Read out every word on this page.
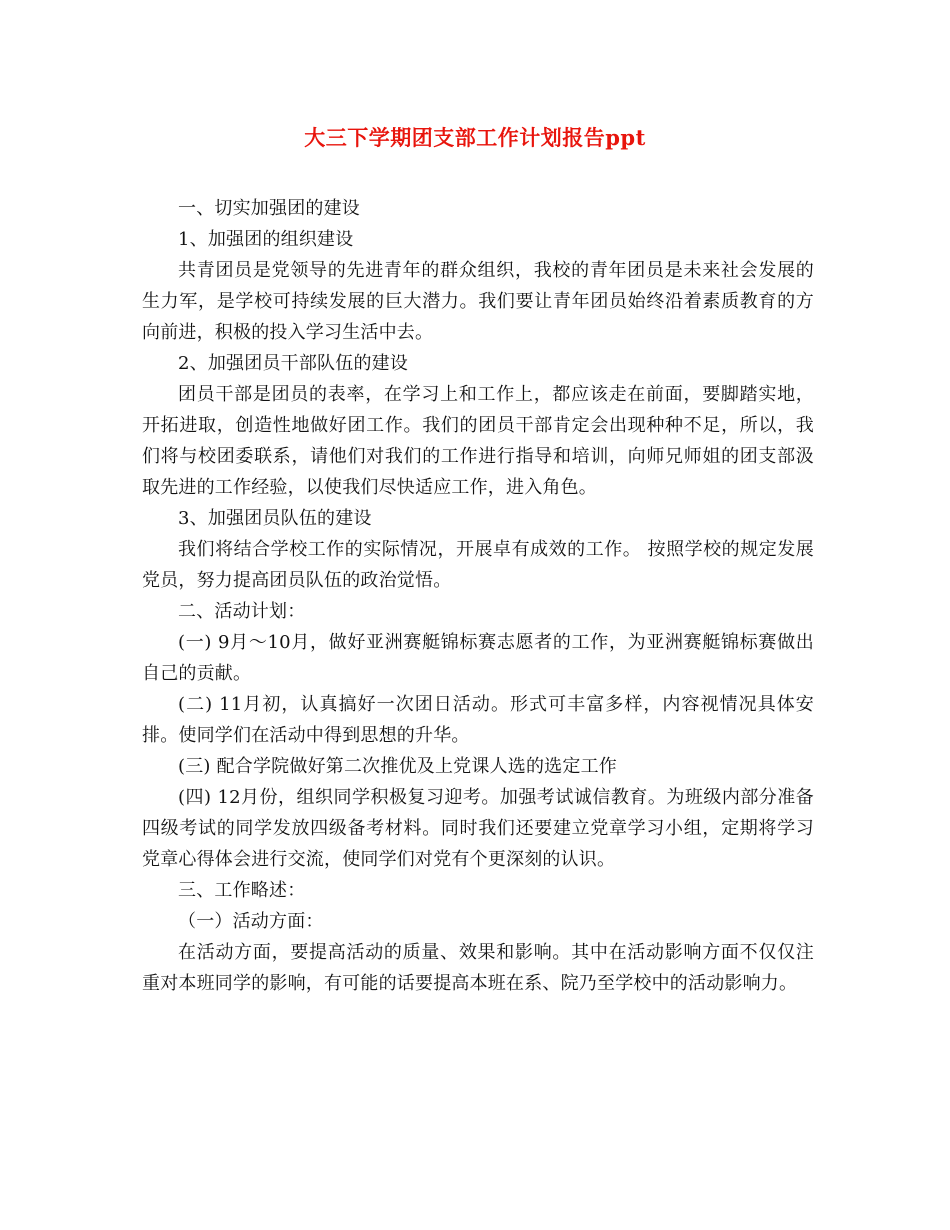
大三下学期团支部工作计划报告ppt

一、切实加强团的建设

1、加强团的组织建设

共青团员是党领导的先进青年的群众组织，我校的青年团员是未来社会发展的生力军，是学校可持续发展的巨大潜力。我们要让青年团员始终沿着素质教育的方向前进，积极的投入学习生活中去。

2、加强团员干部队伍的建设

团员干部是团员的表率，在学习上和工作上，都应该走在前面，要脚踏实地，开拓进取，创造性地做好团工作。我们的团员干部肯定会出现种种不足，所以，我们将与校团委联系，请他们对我们的工作进行指导和培训，向师兄师姐的团支部汲取先进的工作经验，以使我们尽快适应工作，进入角色。

3、加强团员队伍的建设

我们将结合学校工作的实际情况，开展卓有成效的工作。 按照学校的规定发展党员，努力提高团员队伍的政治觉悟。

二、活动计划：

(一) 9月～10月，做好亚洲赛艇锦标赛志愿者的工作，为亚洲赛艇锦标赛做出自己的贡献。

(二) 11月初，认真搞好一次团日活动。形式可丰富多样，内容视情况具体安排。使同学们在活动中得到思想的升华。

(三) 配合学院做好第二次推优及上党课人选的选定工作

(四) 12月份，组织同学积极复习迎考。加强考试诚信教育。为班级内部分准备四级考试的同学发放四级备考材料。同时我们还要建立党章学习小组，定期将学习党章心得体会进行交流，使同学们对党有个更深刻的认识。

三、工作略述：

（一）活动方面：

在活动方面，要提高活动的质量、效果和影响。其中在活动影响方面不仅仅注重对本班同学的影响，有可能的话要提高本班在系、院乃至学校中的活动影响力。
